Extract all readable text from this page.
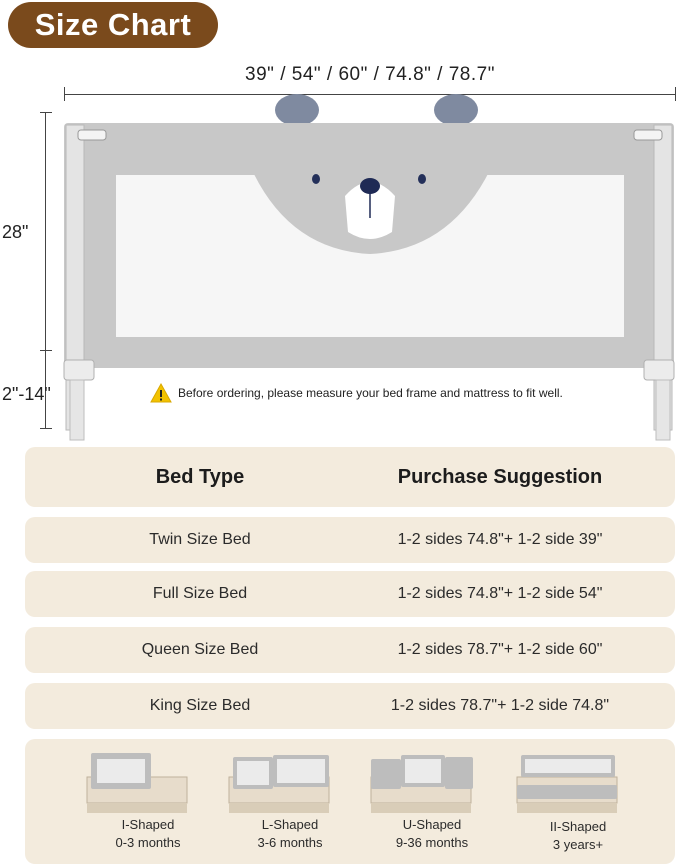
Size Chart
39" / 54" / 60" / 74.8" / 78.7"
28"
2"-14"	Before ordering, please measure your bed frame and mattress to fit well.
Bed Type	Purchase Suggestion
Twin Size Bed	1-2 sides 74.8"+ 1-2 side 39"
Full Size Bed	1-2 sides 74.8"+ 1-2 side 54"
Queen Size Bed	1-2 sides 78.7"+ 1-2 side 60"
King Size Bed	1-2 sides 78.7"+ 1-2 side 74.8"
I-Shaped
0-3 months
L-Shaped
3-6 months
U-Shaped
9-36 months
II-Shaped
3 years+
